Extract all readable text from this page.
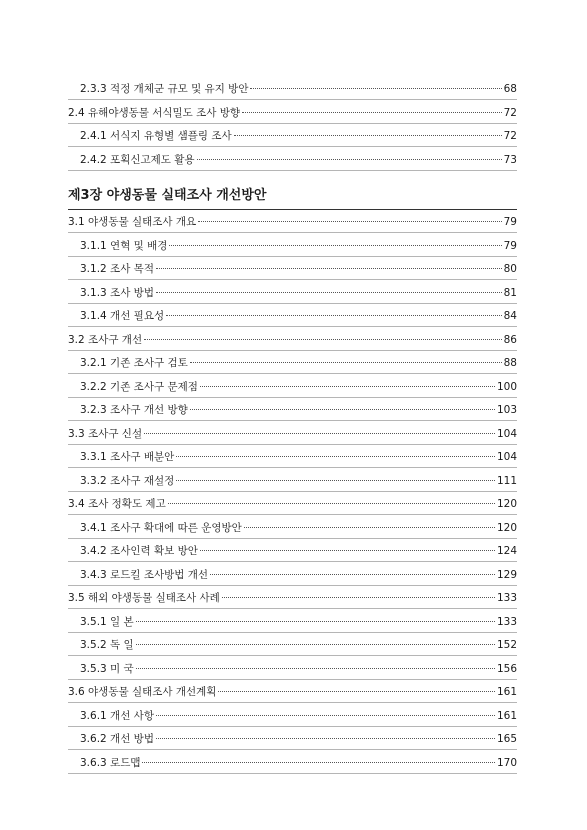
제3장 야생동물 실태조사 개선방안
2.3.3 적정 개체군 규모 및 유지 방안	68
2.4 유해야생동물 서식밀도 조사 방향	72
2.4.1 서식지 유형별 샘플링 조사	72
2.4.2 포획신고제도 활용	73
3.1 야생동물 실태조사 개요	79
3.1.1 연혁 및 배경	79
3.1.2 조사 목적	80
3.1.3 조사 방법	81
3.1.4 개선 필요성	84
3.2 조사구 개선	86
3.2.1 기존 조사구 검토	88
3.2.2 기존 조사구 문제점	100
3.2.3 조사구 개선 방향	103
3.3 조사구 신설	104
3.3.1 조사구 배분안	104
3.3.2 조사구 재설정	111
3.4 조사 정확도 제고	120
3.4.1 조사구 확대에 따른 운영방안	120
3.4.2 조사인력 확보 방안	124
3.4.3 로드킬 조사방법 개선	129
3.5 해외 야생동물 실태조사 사례	133
3.5.1 일 본	133
3.5.2 독 일	152
3.5.3 미 국	156
3.6 야생동물 실태조사 개선계획	161
3.6.1 개선 사항	161
3.6.2 개선 방법	165
3.6.3 로드맵	170
